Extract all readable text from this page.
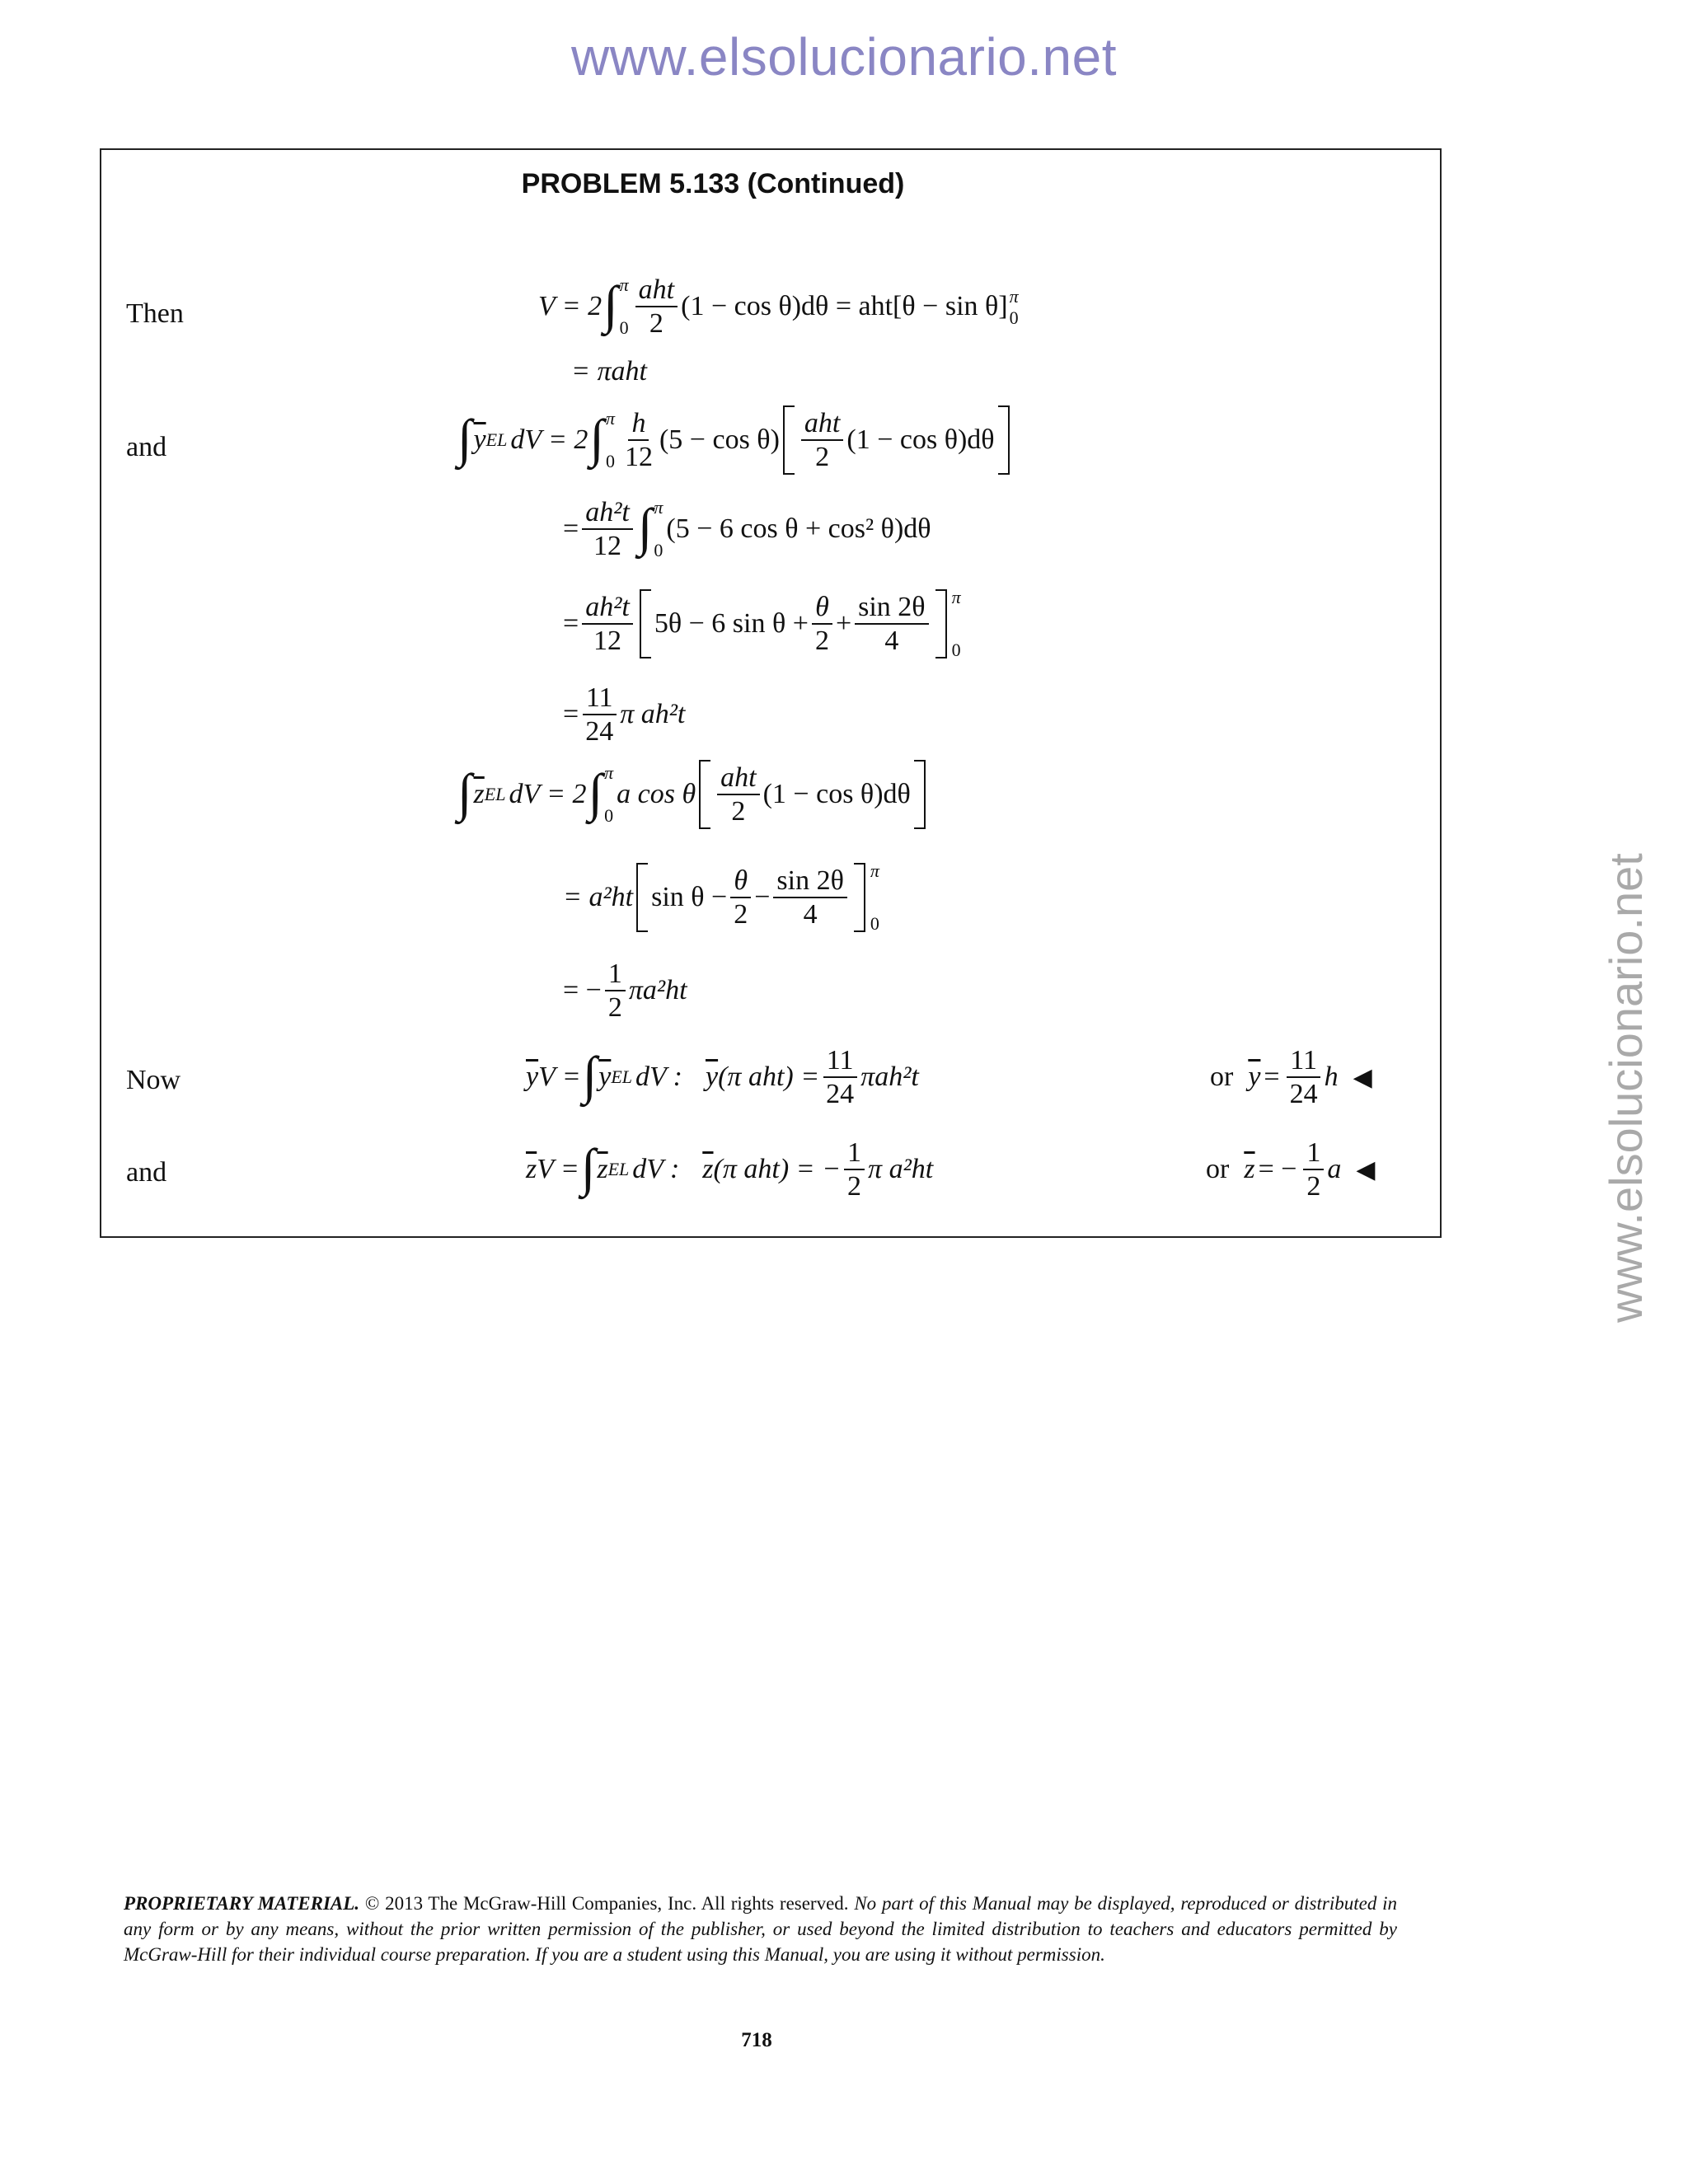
www.elsolucionario.net
www.elsolucionario.net
PROBLEM 5.133 (Continued)
Then	V = 2 ∫ π
$0 \frac{\text{aht}}{2} (1 - \cos \theta)d\theta = aht[\theta - \sin \theta]$ π
0
= πaht
and	∫ $\overline{y}$ EL dV = 2 ∫ π
$0 \frac{h}{12} (5 - \cos \theta) \frac{\text{aht}}{2} (1 - \cos \theta)d\theta$
= $\frac{\text{ah²t}}{12}$ ∫ π
0
(5 − 6 cos θ + cos² θ)dθ
= $\frac{\text{ah²t}}{12} 5\theta - 6$ $\sin \theta + \frac{\theta}{2} + \frac{\sin 2\theta}{4}$ π
0
= $\frac{11}{24}$ π ah²t
∫ $\overline{z}$ EL dV = 2 ∫ π
0
a cos θ $\frac{\text{aht}}{2} (1 - \cos \theta)d\theta$
= a²ht $\sin \theta - \frac{\theta}{2} - \frac{\sin 2\theta}{4}$ π
0
= − $\frac{1}{2} \pi a^2ht$
Now	$\overline{y}$ V = ∫ $\overline{y}$ EL dV : $\overline{y}$ (π $aht) = \frac{11}{24} \pi ah^2t$	or $\overline{y} = \frac{11}{24}$ h ◀
and	$\overline{z}$ V = ∫ $\overline{z}$ EL dV : $\overline{z}$ (π aht) = − $\frac{1}{2}$ π a²ht	or $\overline{z}$ = − $\frac{1}{2}$ a ◀
PROPRIETARY MATERIAL. © 2013 The McGraw-Hill Companies, Inc. All rights reserved. No part of this Manual may be displayed, reproduced or distributed in any form or by any means, without the prior written permission of the publisher, or used beyond the limited distribution to teachers and educators permitted by McGraw-Hill for their individual course preparation. If you are a student using this Manual, you are using it without permission.
718
